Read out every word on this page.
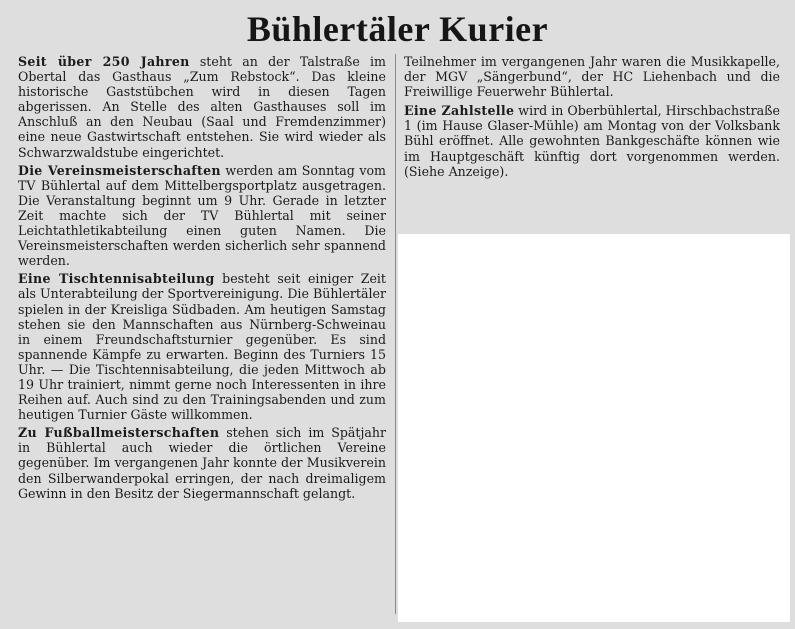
Bühlertäler Kurier

Seit über 250 Jahren steht an der Talstraße im Obertal das Gasthaus „Zum Rebstock“. Das kleine historische Gaststübchen wird in diesen Tagen abgerissen. An Stelle des alten Gasthauses soll im Anschluß an den Neubau (Saal und Fremdenzimmer) eine neue Gastwirtschaft entstehen. Sie wird wieder als Schwarzwaldstube eingerichtet.

Die Vereinsmeisterschaften werden am Sonntag vom TV Bühlertal auf dem Mittelbergsportplatz ausgetragen. Die Veranstaltung beginnt um 9 Uhr. Gerade in letzter Zeit machte sich der TV Bühlertal mit seiner Leichtathletikabteilung einen guten Namen. Die Vereinsmeisterschaften werden sicherlich sehr spannend werden.

Eine Tischtennisabteilung besteht seit einiger Zeit als Unterabteilung der Sportvereinigung. Die Bühlertäler spielen in der Kreisliga Südbaden. Am heutigen Samstag stehen sie den Mannschaften aus Nürnberg-Schweinau in einem Freundschaftsturnier gegenüber. Es sind spannende Kämpfe zu erwarten. Beginn des Turniers 15 Uhr. — Die Tischtennisabteilung, die jeden Mittwoch ab 19 Uhr trainiert, nimmt gerne noch Interessenten in ihre Reihen auf. Auch sind zu den Trainingsabenden und zum heutigen Turnier Gäste willkommen.

Zu Fußballmeisterschaften stehen sich im Spätjahr in Bühlertal auch wieder die örtlichen Vereine gegenüber. Im vergangenen Jahr konnte der Musikverein den Silberwanderpokal erringen, der nach dreimaligem Gewinn in den Besitz der Siegermannschaft gelangt.

Teilnehmer im vergangenen Jahr waren die Musikkapelle, der MGV „Sängerbund“, der HC Liehenbach und die Freiwillige Feuerwehr Bühlertal.

Eine Zahlstelle wird in Oberbühlertal, Hirschbachstraße 1 (im Hause Glaser-Mühle) am Montag von der Volksbank Bühl eröffnet. Alle gewohnten Bankgeschäfte können wie im Hauptgeschäft künftig dort vorgenommen werden. (Siehe Anzeige).
